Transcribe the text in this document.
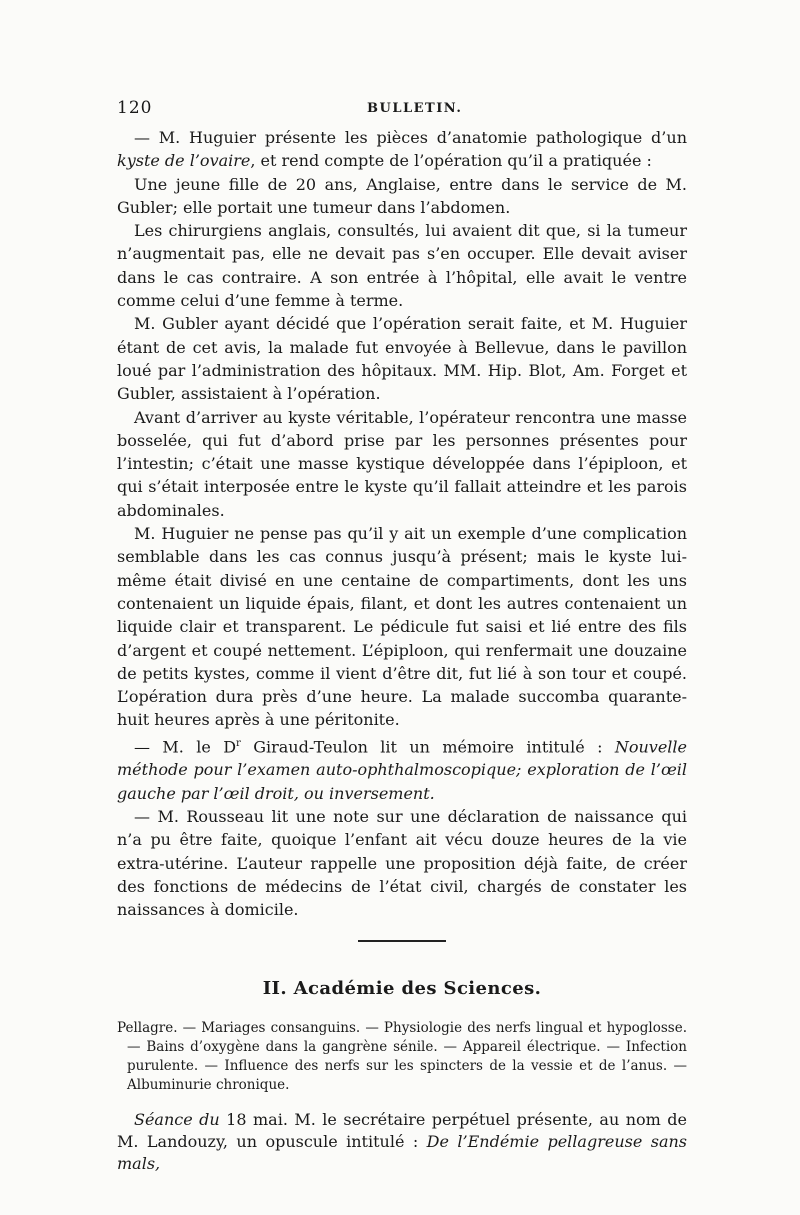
120	BULLETIN.

— M. Huguier présente les pièces d’anatomie pathologique d’un kyste de l’ovaire, et rend compte de l’opération qu’il a pratiquée :

Une jeune fille de 20 ans, Anglaise, entre dans le service de M. Gubler; elle portait une tumeur dans l’abdomen.

Les chirurgiens anglais, consultés, lui avaient dit que, si la tumeur n’augmentait pas, elle ne devait pas s’en occuper. Elle devait aviser dans le cas contraire. A son entrée à l’hôpital, elle avait le ventre comme celui d’une femme à terme.

M. Gubler ayant décidé que l’opération serait faite, et M. Huguier étant de cet avis, la malade fut envoyée à Bellevue, dans le pavillon loué par l’administration des hôpitaux. MM. Hip. Blot, Am. Forget et Gubler, assistaient à l’opération.

Avant d’arriver au kyste véritable, l’opérateur rencontra une masse bosselée, qui fut d’abord prise par les personnes présentes pour l’intestin; c’était une masse kystique développée dans l’épiploon, et qui s’était interposée entre le kyste qu’il fallait atteindre et les parois abdominales.

M. Huguier ne pense pas qu’il y ait un exemple d’une complication semblable dans les cas connus jusqu’à présent; mais le kyste lui-même était divisé en une centaine de compartiments, dont les uns contenaient un liquide épais, filant, et dont les autres contenaient un liquide clair et transparent. Le pédicule fut saisi et lié entre des fils d’argent et coupé nettement. L’épiploon, qui renfermait une douzaine de petits kystes, comme il vient d’être dit, fut lié à son tour et coupé. L’opération dura près d’une heure. La malade succomba quarante-huit heures après à une péritonite.

— M. le $D^r$ Giraud-Teulon lit un mémoire intitulé : Nouvelle méthode pour l’examen auto-ophthalmoscopique; exploration de l’œil gauche par l’œil droit, ou inversement.

— M. Rousseau lit une note sur une déclaration de naissance qui n’a pu être faite, quoique l’enfant ait vécu douze heures de la vie extra-utérine. L’auteur rappelle une proposition déjà faite, de créer des fonctions de médecins de l’état civil, chargés de constater les naissances à domicile.

II. Académie des Sciences.

Pellagre. — Mariages consanguins. — Physiologie des nerfs lingual et hypoglosse. — Bains d’oxygène dans la gangrène sénile. — Appareil électrique. — Infection purulente. — Influence des nerfs sur les spincters de la vessie et de l’anus. — Albuminurie chronique.

Séance du 18 mai. M. le secrétaire perpétuel présente, au nom de M. Landouzy, un opuscule intitulé : De l’Endémie pellagreuse sans mals,
